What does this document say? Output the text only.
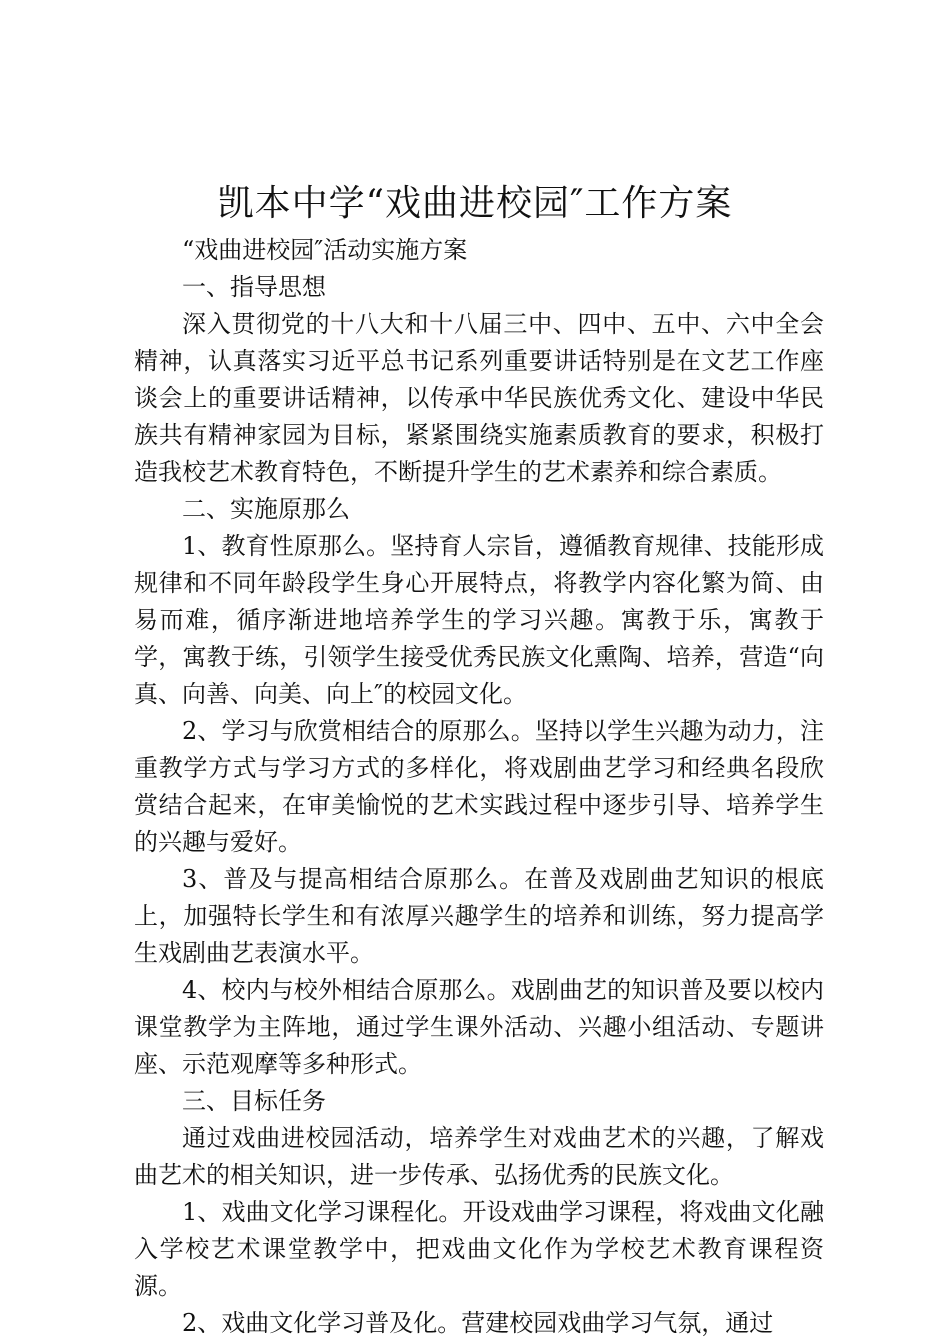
凯本中学“戏曲进校园″工作方案

“戏曲进校园″活动实施方案

一、指导思想

深入贯彻党的十八大和十八届三中、四中、五中、六中全会精神，认真落实习近平总书记系列重要讲话特别是在文艺工作座谈会上的重要讲话精神，以传承中华民族优秀文化、建设中华民族共有精神家园为目标，紧紧围绕实施素质教育的要求，积极打造我校艺术教育特色，不断提升学生的艺术素养和综合素质。

二、实施原那么

1、教育性原那么。坚持育人宗旨，遵循教育规律、技能形成规律和不同年龄段学生身心开展特点，将教学内容化繁为简、由易而难，循序渐进地培养学生的学习兴趣。寓教于乐，寓教于学，寓教于练，引领学生接受优秀民族文化熏陶、培养，营造“向真、向善、向美、向上″的校园文化。

2、学习与欣赏相结合的原那么。坚持以学生兴趣为动力，注重教学方式与学习方式的多样化，将戏剧曲艺学习和经典名段欣赏结合起来，在审美愉悦的艺术实践过程中逐步引导、培养学生的兴趣与爱好。

3、普及与提高相结合原那么。在普及戏剧曲艺知识的根底上，加强特长学生和有浓厚兴趣学生的培养和训练，努力提高学生戏剧曲艺表演水平。

4、校内与校外相结合原那么。戏剧曲艺的知识普及要以校内课堂教学为主阵地，通过学生课外活动、兴趣小组活动、专题讲座、示范观摩等多种形式。

三、目标任务

通过戏曲进校园活动，培养学生对戏曲艺术的兴趣，了解戏曲艺术的相关知识，进一步传承、弘扬优秀的民族文化。

1、戏曲文化学习课程化。开设戏曲学习课程，将戏曲文化融入学校艺术课堂教学中，把戏曲文化作为学校艺术教育课程资源。

2、戏曲文化学习普及化。营建校园戏曲学习气氛，通过
